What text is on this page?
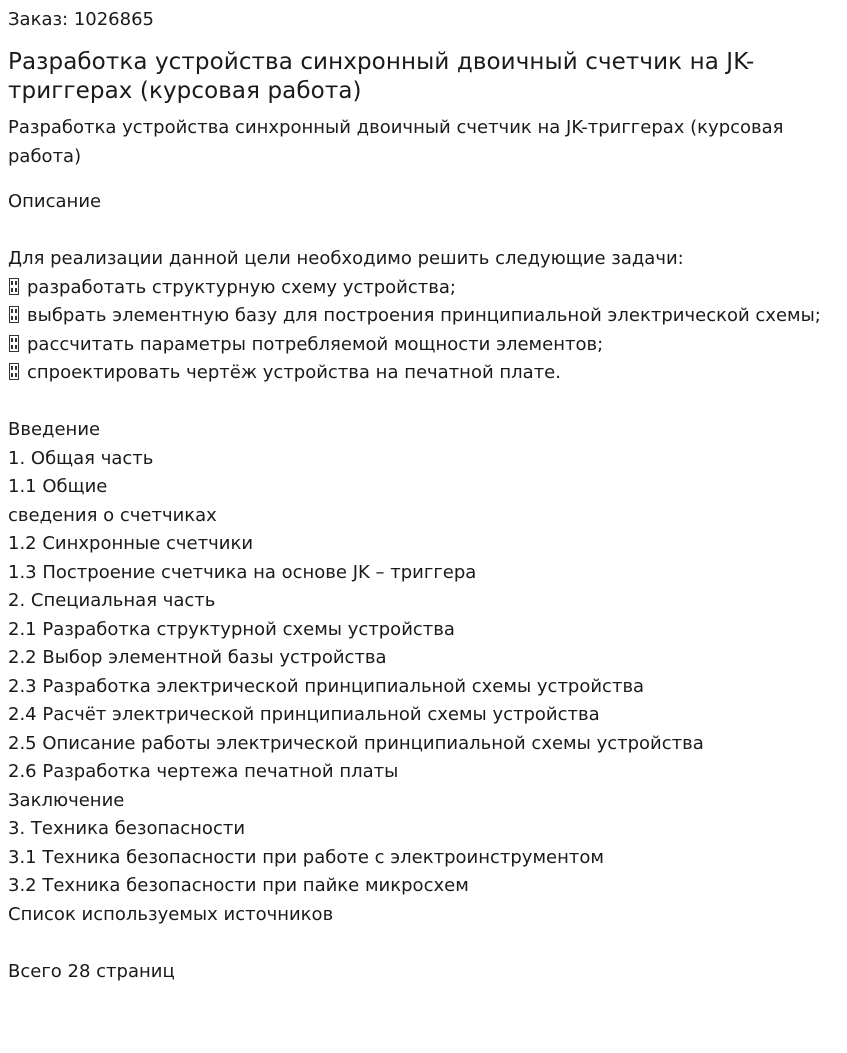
Заказ: 1026865

Разработка устройства синхронный двоичный счетчик на JK-триггерах (курсовая работа)

Разработка устройства синхронный двоичный счетчик на JK-триггерах (курсовая работа)

Описание

Для реализации данной цели необходимо решить следующие задачи:
разработать структурную схему устройства;
выбрать элементную базу для построения принципиальной электрической схемы;
рассчитать параметры потребляемой мощности элементов;
спроектировать чертёж устройства на печатной плате.
Введение
1. Общая часть
1.1 Общие
сведения о счетчиках
1.2 Синхронные счетчики
1.3 Построение счетчика на основе JK – триггера
2. Специальная часть
2.1 Разработка структурной схемы устройства
2.2 Выбор элементной базы устройства
2.3 Разработка электрической принципиальной схемы устройства
2.4 Расчёт электрической принципиальной схемы устройства
2.5 Описание работы электрической принципиальной схемы устройства
2.6 Разработка чертежа печатной платы
Заключение
3. Техника безопасности
3.1 Техника безопасности при работе с электроинструментом
3.2 Техника безопасности при пайке микросхем
Список используемых источников
Всего 28 страниц
